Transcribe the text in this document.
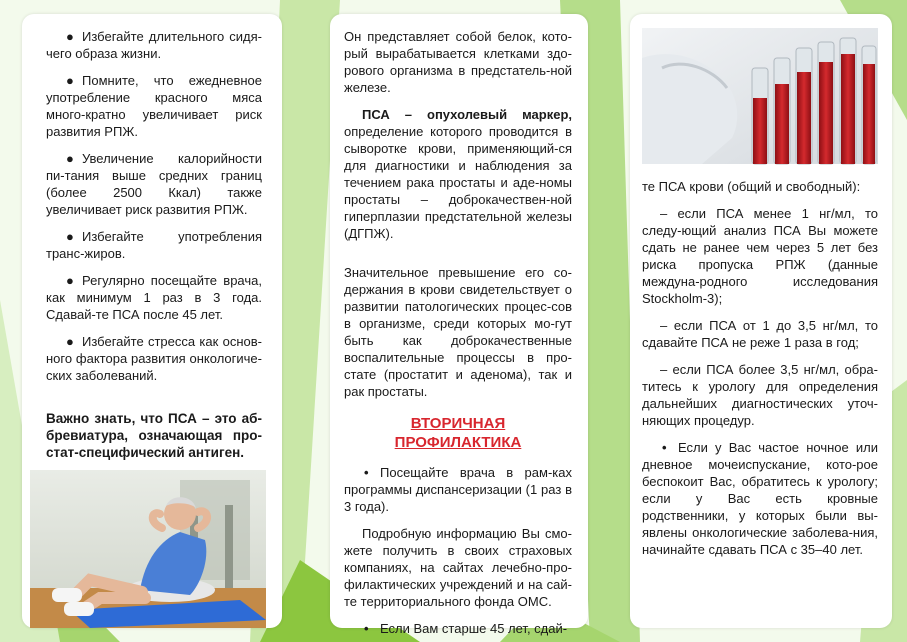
● Избегайте длительного сидя-чего образа жизни.

● Помните, что ежедневное употребление красного мяса много-кратно увеличивает риск развития РПЖ.

● Увеличение калорийности пи-тания выше средних границ (более 2500 Ккал) также увеличивает риск развития РПЖ.

● Избегайте употребления транс-жиров.

● Регулярно посещайте врача, как минимум 1 раз в 3 года. Сдавай-те ПСА после 45 лет.

● Избегайте стресса как основ-ного фактора развития онкологиче-ских заболеваний.

Важно знать, что ПСА – это аб-бревиатура, означающая про-стат-специфический антиген.

Он представляет собой белок, кото-рый вырабатывается клетками здо-рового организма в предстатель-ной железе.

ПСА – опухолевый маркер, определение которого проводится в сыворотке крови, применяющий-ся для диагностики и наблюдения за течением рака простаты и аде-номы простаты – доброкачествен-ной гиперплазии предстательной железы (ДГПЖ).

Значительное превышение его со-держания в крови свидетельствует о развитии патологических процес-сов в организме, среди которых мо-гут быть как доброкачественные воспалительные процессы в про-стате (простатит и аденома), так и рак простаты.

ВТОРИЧНАЯ
ПРОФИЛАКТИКА

• Посещайте врача в рам-ках программы диспансеризации (1 раз в 3 года).

Подробную информацию Вы смо-жете получить в своих страховых компаниях, на сайтах лечебно-про-филактических учреждений и на сай-те территориального фонда ОМС.

• Если Вам старше 45 лет, сдай-

те ПСА крови (общий и свободный):

– если ПСА менее 1 нг/мл, то следу-ющий анализ ПСА Вы можете сдать не ранее чем через 5 лет без риска пропуска РПЖ (данные междуна-родного исследования Stockholm-3);

– если ПСА от 1 до 3,5 нг/мл, то сдавайте ПСА не реже 1 раза в год;

– если ПСА более 3,5 нг/мл, обра-титесь к урологу для определения дальнейших диагностических уточ-няющих процедур.

• Если у Вас частое ночное или дневное мочеиспускание, кото-рое беспокоит Вас, обратитесь к урологу; если у Вас есть кровные родственники, у которых были вы-явлены онкологические заболева-ния, начинайте сдавать ПСА с 35–40 лет.
